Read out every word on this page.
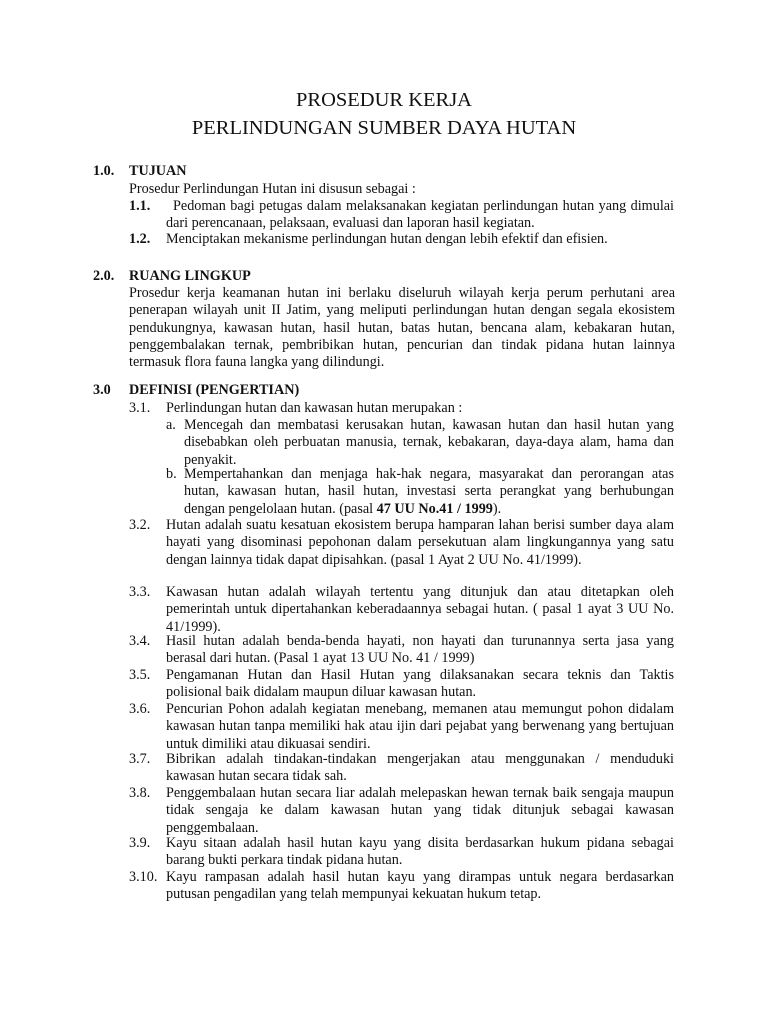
PROSEDUR KERJA
PERLINDUNGAN SUMBER DAYA HUTAN
1.0. TUJUAN
Prosedur Perlindungan Hutan ini disusun sebagai :
1.1.	Pedoman bagi petugas dalam melaksanakan kegiatan perlindungan hutan yang dimulai dari perencanaan, pelaksaan, evaluasi dan laporan hasil kegiatan.
1.2. Menciptakan mekanisme perlindungan hutan dengan lebih efektif dan efisien.
2.0. RUANG LINGKUP
Prosedur kerja keamanan hutan ini berlaku diseluruh wilayah kerja perum perhutani area penerapan wilayah unit II Jatim, yang meliputi perlindungan hutan dengan segala ekosistem pendukungnya, kawasan hutan, hasil hutan, batas hutan, bencana alam, kebakaran hutan, penggembalakan ternak, pembribikan hutan, pencurian dan tindak pidana hutan lainnya termasuk flora fauna langka yang dilindungi.
3.0 DEFINISI (PENGERTIAN)
3.1. Perlindungan hutan dan kawasan hutan merupakan :
a. Mencegah dan membatasi kerusakan hutan, kawasan hutan dan hasil hutan yang disebabkan oleh perbuatan manusia, ternak, kebakaran, daya-daya alam, hama dan penyakit.
b. Mempertahankan dan menjaga hak-hak negara, masyarakat dan perorangan atas hutan, kawasan hutan, hasil hutan, investasi serta perangkat yang berhubungan dengan pengelolaan hutan. (pasal 47 UU No.41 / 1999).
3.2. Hutan adalah suatu kesatuan ekosistem berupa hamparan lahan berisi sumber daya alam hayati yang disominasi pepohonan dalam persekutuan alam lingkungannya yang satu dengan lainnya tidak dapat dipisahkan. (pasal 1 Ayat 2 UU No. 41/1999).
3.3. Kawasan hutan adalah wilayah tertentu yang ditunjuk dan atau ditetapkan oleh pemerintah untuk dipertahankan keberadaannya sebagai hutan. ( pasal 1 ayat 3 UU No. 41/1999).
3.4. Hasil hutan adalah benda-benda hayati, non hayati dan turunannya serta jasa yang berasal dari hutan. (Pasal 1 ayat 13 UU No. 41 / 1999)
3.5. Pengamanan Hutan dan Hasil Hutan yang dilaksanakan secara teknis dan Taktis polisional baik didalam maupun diluar kawasan hutan.
3.6. Pencurian Pohon adalah kegiatan menebang, memanen atau memungut pohon didalam kawasan hutan tanpa memiliki hak atau ijin dari pejabat yang berwenang yang bertujuan untuk dimiliki atau dikuasai sendiri.
3.7. Bibrikan adalah tindakan-tindakan mengerjakan atau menggunakan / menduduki kawasan hutan secara tidak sah.
3.8. Penggembalaan hutan secara liar adalah melepaskan hewan ternak baik sengaja maupun tidak sengaja ke dalam kawasan hutan yang tidak ditunjuk sebagai kawasan penggembalaan.
3.9. Kayu sitaan adalah hasil hutan kayu yang disita berdasarkan hukum pidana sebagai barang bukti perkara tindak pidana hutan.
3.10. Kayu rampasan adalah hasil hutan kayu yang dirampas untuk negara berdasarkan putusan pengadilan yang telah mempunyai kekuatan hukum tetap.
